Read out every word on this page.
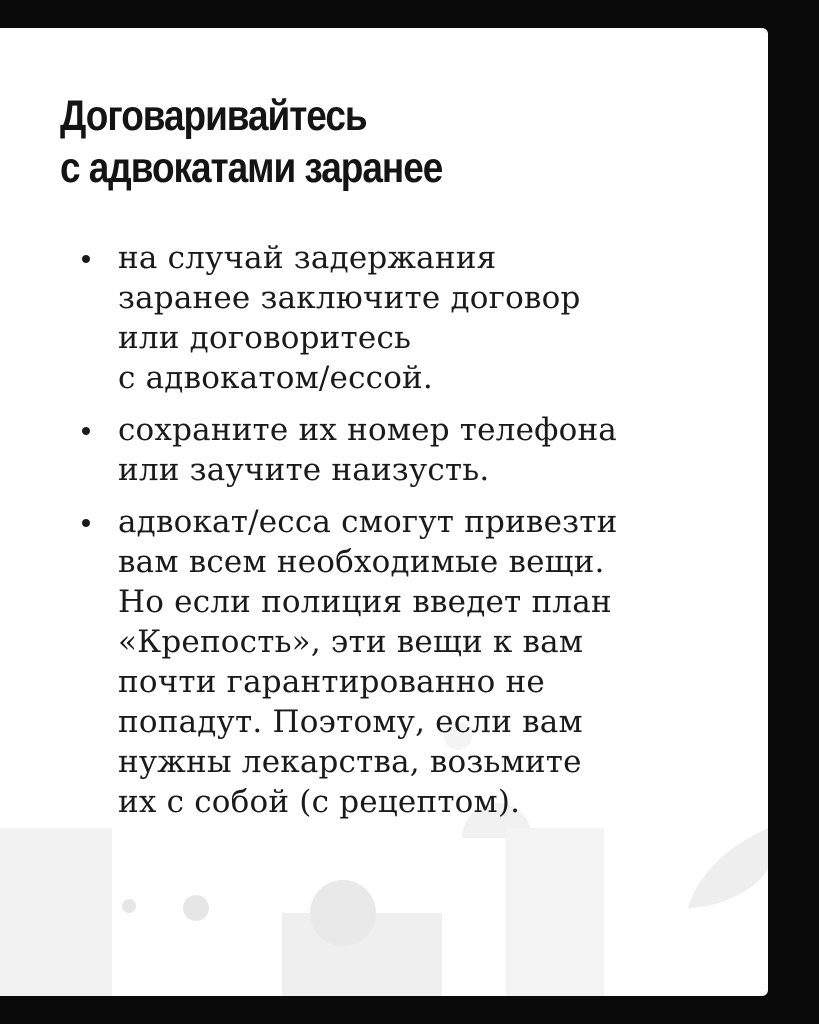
Договаривайтесь
с адвокатами заранее
на случай задержания
заранее заключите договор
или договоритесь
с адвокатом/ессой.
сохраните их номер телефона
или заучите наизусть.
адвокат/есса смогут привезти
вам всем необходимые вещи.
Но если полиция введет план
«Крепость», эти вещи к вам
почти гарантированно не
попадут. Поэтому, если вам
нужны лекарства, возьмите
их с собой (с рецептом).
